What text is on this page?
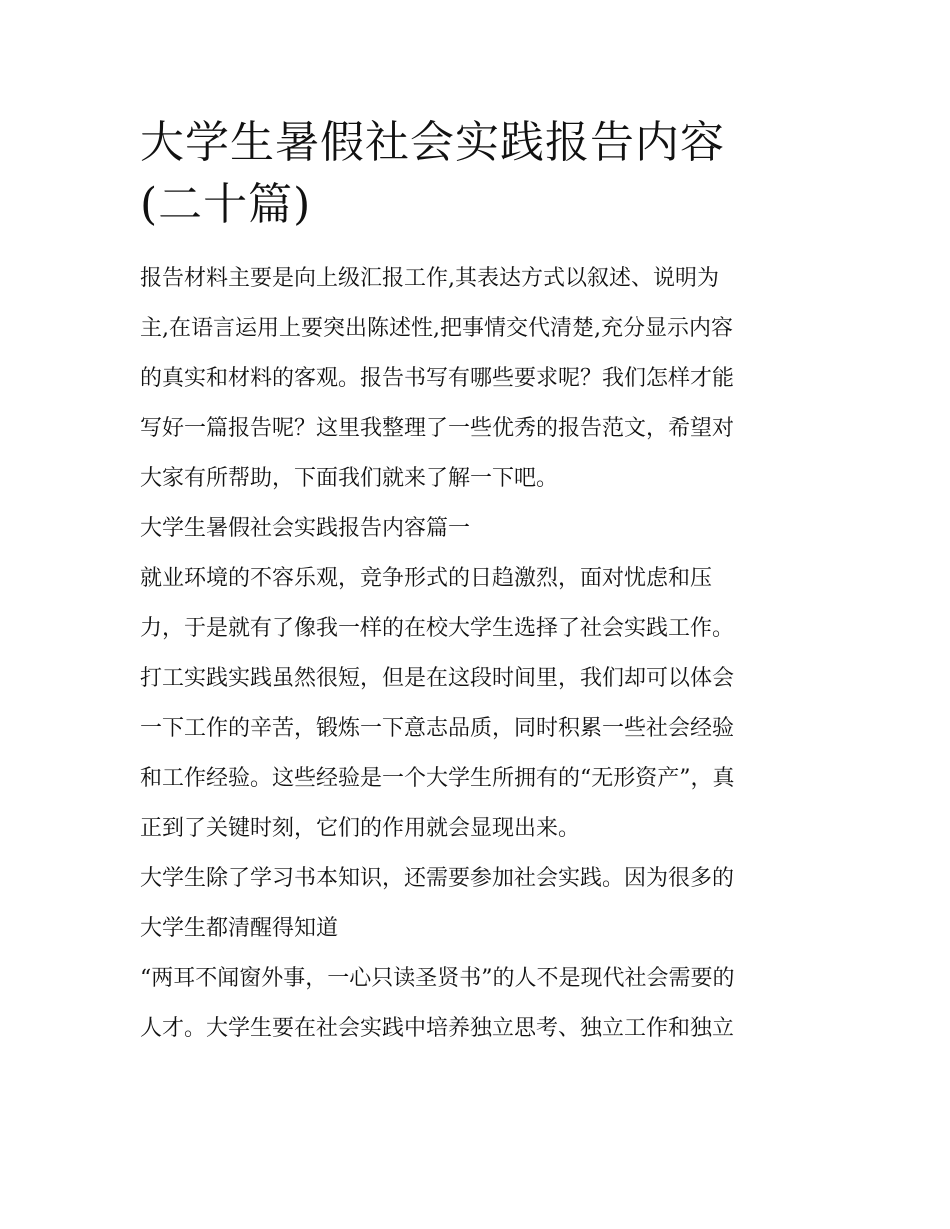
大学生暑假社会实践报告内容
(二十篇)

报告材料主要是向上级汇报工作,其表达方式以叙述、说明为
主,在语言运用上要突出陈述性,把事情交代清楚,充分显示内容
的真实和材料的客观。报告书写有哪些要求呢？我们怎样才能
写好一篇报告呢？这里我整理了一些优秀的报告范文，希望对
大家有所帮助，下面我们就来了解一下吧。

大学生暑假社会实践报告内容篇一

就业环境的不容乐观，竞争形式的日趋激烈，面对忧虑和压
力，于是就有了像我一样的在校大学生选择了社会实践工作。
打工实践实践虽然很短，但是在这段时间里，我们却可以体会
一下工作的辛苦，锻炼一下意志品质，同时积累一些社会经验
和工作经验。这些经验是一个大学生所拥有的“无形资产”，真
正到了关键时刻，它们的作用就会显现出来。

大学生除了学习书本知识，还需要参加社会实践。因为很多的
大学生都清醒得知道

“两耳不闻窗外事，一心只读圣贤书”的人不是现代社会需要的
人才。大学生要在社会实践中培养独立思考、独立工作和独立
